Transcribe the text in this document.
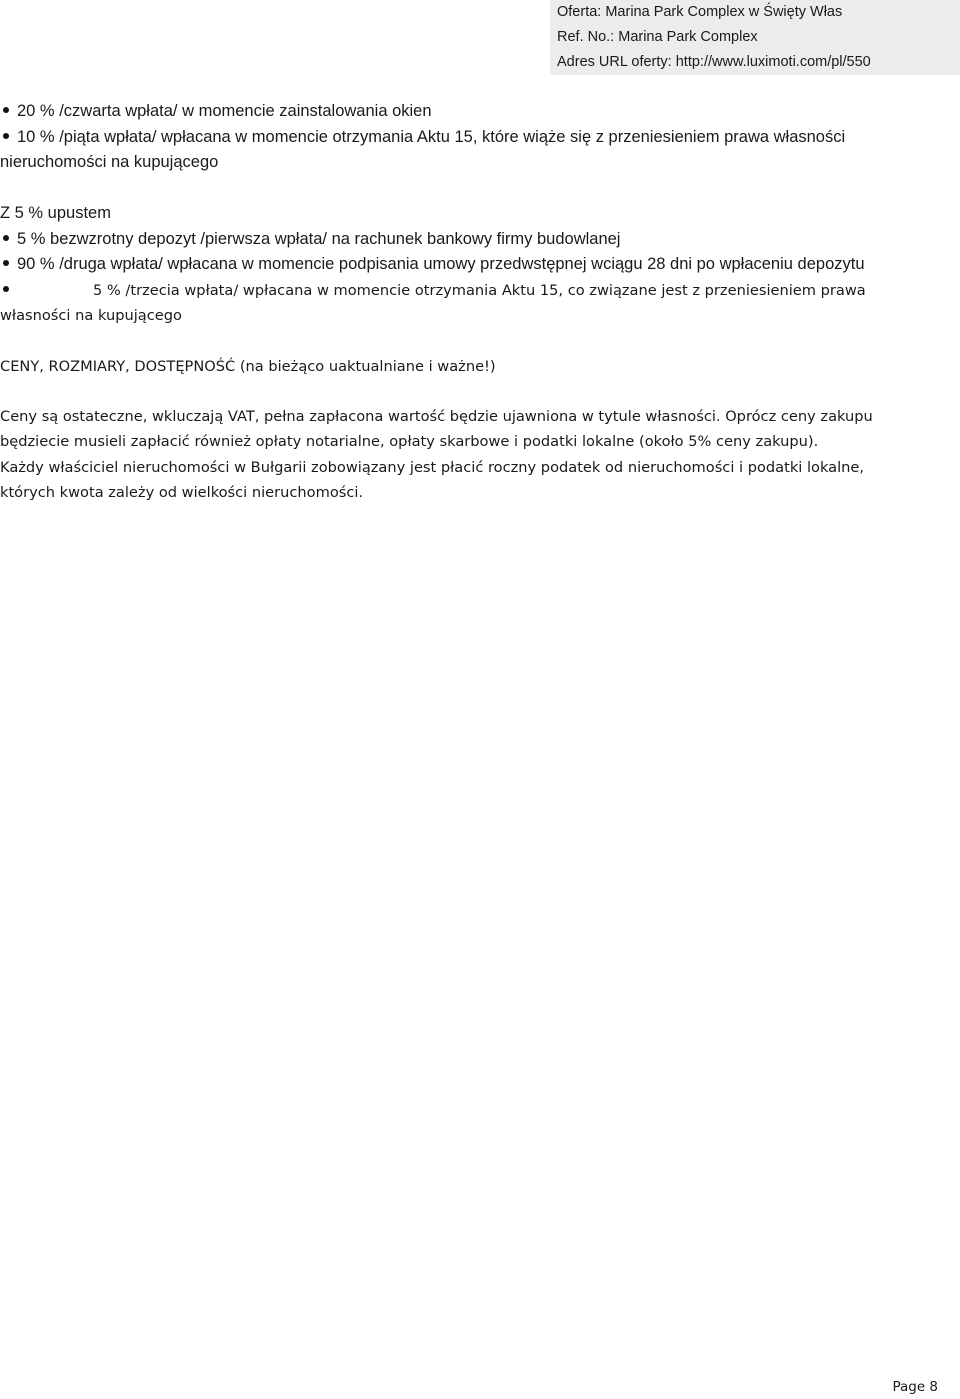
Oferta: Marina Park Complex w Święty Włas
Ref. No.: Marina Park Complex
Adres URL oferty: http://www.luximoti.com/pl/550
20 % /czwarta wpłata/ w momencie zainstalowania okien
10 % /piąta wpłata/ wpłacana w momencie otrzymania Aktu 15, które wiąże się z przeniesieniem prawa własności
nieruchomości na kupującego
Z 5 % upustem
5 % bezwzrotny depozyt /pierwsza wpłata/ na rachunek bankowy firmy budowlanej
90 % /druga wpłata/ wpłacana w momencie podpisania umowy przedwstępnej wciągu 28 dni po wpłaceniu depozytu
5 % /trzecia wpłata/ wpłacana w momencie otrzymania Aktu 15, co związane jest z przeniesieniem prawa
własności na kupującego
CENY, ROZMIARY, DOSTĘPNOŚĆ (na bieżąco uaktualniane i ważne!)
Ceny są ostateczne, wkluczają VAT, pełna zapłacona wartość będzie ujawniona w tytule własności. Oprócz ceny zakupu
będziecie musieli zapłacić również opłaty notarialne, opłaty skarbowe i podatki lokalne (około 5% ceny zakupu).
Każdy właściciel nieruchomości w Bułgarii zobowiązany jest płacić roczny podatek od nieruchomości i podatki lokalne,
których kwota zależy od wielkości nieruchomości.
Page 8
